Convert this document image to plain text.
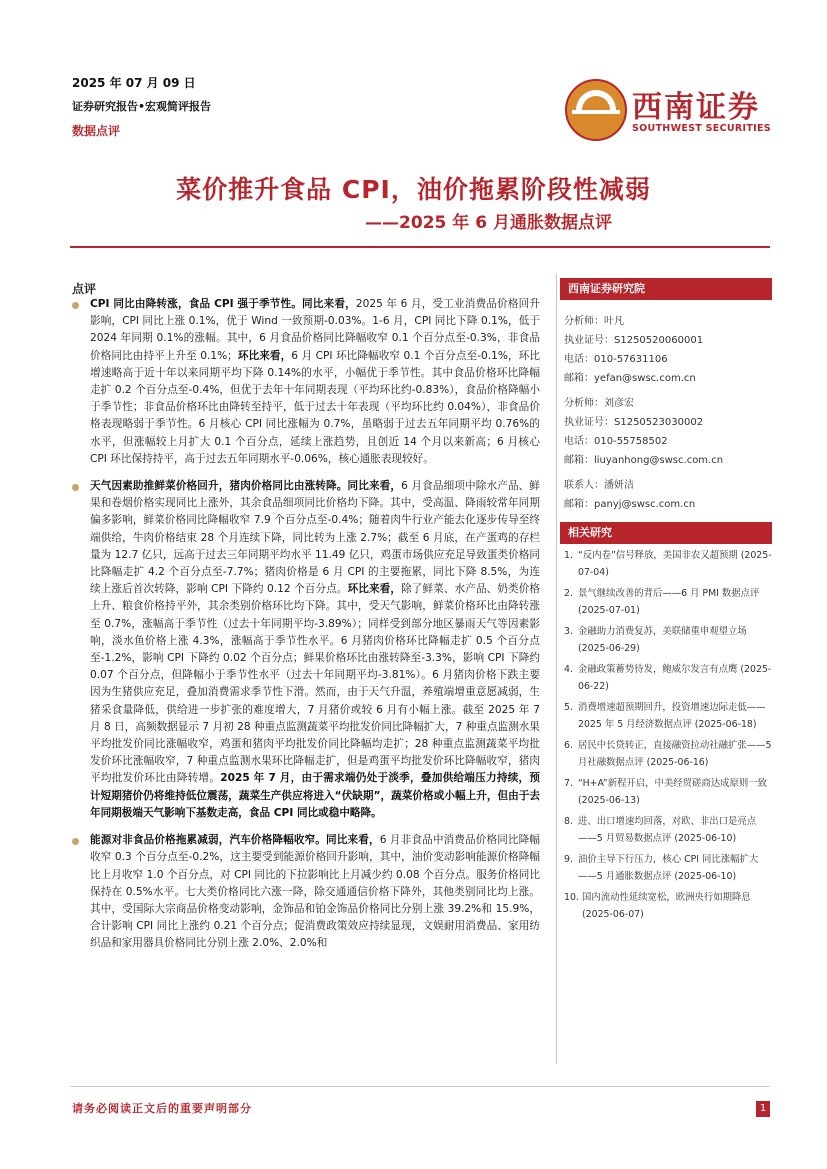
2025 年 07 月 09 日
证券研究报告•宏观简评报告
数据点评
西南证券
SOUTHWEST SECURITIES
菜价推升食品 CPI，油价拖累阶段性减弱
——2025 年 6 月通胀数据点评
点评

CPI 同比由降转涨，食品 CPI 强于季节性。同比来看，2025 年 6 月，受工业消费品价格回升影响，CPI 同比上涨 0.1%，优于 Wind 一致预期-0.03%。1-6 月，CPI 同比下降 0.1%，低于 2024 年同期 0.1%的涨幅。其中，6 月食品价格同比降幅收窄 0.1 个百分点至-0.3%，非食品价格同比由持平上升至 0.1%；环比来看，6 月 CPI 环比降幅收窄 0.1 个百分点至-0.1%，环比增速略高于近十年以来同期平均下降 0.14%的水平，小幅优于季节性。其中食品价格环比降幅走扩 0.2 个百分点至-0.4%，但优于去年十年同期表现（平均环比约-0.83%），食品价格降幅小于季节性；非食品价格环比由降转至持平，低于过去十年表现（平均环比约 0.04%），非食品价格表现略弱于季节性。6 月核心 CPI 同比涨幅为 0.7%，虽略弱于过去五年同期平均 0.76%的水平，但涨幅较上月扩大 0.1 个百分点，延续上涨趋势，且创近 14 个月以来新高；6 月核心 CPI 环比保持持平，高于过去五年同期水平-0.06%，核心通胀表现较好。

天气因素助推鲜菜价格回升，猪肉价格同比由涨转降。同比来看，6 月食品细项中除水产品、鲜果和卷烟价格实现同比上涨外，其余食品细项同比价格均下降。其中，受高温、降雨较常年同期偏多影响，鲜菜价格同比降幅收窄 7.9 个百分点至-0.4%；随着肉牛行业产能去化逐步传导至终端供给，牛肉价格结束 28 个月连续下降，同比转为上涨 2.7%；截至 6 月底，在产蛋鸡的存栏量为 12.7 亿只，远高于过去三年同期平均水平 11.49 亿只，鸡蛋市场供应充足导致蛋类价格同比降幅走扩 4.2 个百分点至-7.7%；猪肉价格是 6 月 CPI 的主要拖累，同比下降 8.5%，为连续上涨后首次转降，影响 CPI 下降约 0.12 个百分点。环比来看，除了鲜菜、水产品、奶类价格上升、粮食价格持平外，其余类别价格环比均下降。其中，受天气影响，鲜菜价格环比由降转涨至 0.7%，涨幅高于季节性（过去十年同期平均-3.89%）；同样受到部分地区暴雨天气等因素影响，淡水鱼价格上涨 4.3%，涨幅高于季节性水平。6 月猪肉价格环比降幅走扩 0.5 个百分点至-1.2%，影响 CPI 下降约 0.02 个百分点；鲜果价格环比由涨转降至-3.3%，影响 CPI 下降约 0.07 个百分点，但降幅小于季节性水平（过去十年同期平均-3.81%）。6 月猪肉价格下跌主要因为生猪供应充足，叠加消费需求季节性下滑。然而，由于天气升温，养殖端增重意愿减弱，生猪采食量降低，供给进一步扩张的难度增大，7 月猪价或较 6 月有小幅上涨。截至 2025 年 7 月 8 日，高频数据显示 7 月初 28 种重点监测蔬菜平均批发价同比降幅扩大，7 种重点监测水果平均批发价同比涨幅收窄，鸡蛋和猪肉平均批发价同比降幅均走扩；28 种重点监测蔬菜平均批发价环比涨幅收窄，7 种重点监测水果环比降幅走扩，但是鸡蛋平均批发价环比降幅收窄，猪肉平均批发价环比由降转增。2025 年 7 月，由于需求端仍处于淡季，叠加供给端压力持续，预计短期猪价仍将维持低位震荡，蔬菜生产供应将进入“伏缺期”，蔬菜价格或小幅上升，但由于去年同期极端天气影响下基数走高，食品 CPI 同比或稳中略降。

能源对非食品价格拖累减弱，汽车价格降幅收窄。同比来看，6 月非食品中消费品价格同比降幅收窄 0.3 个百分点至-0.2%，这主要受到能源价格回升影响，其中，油价变动影响能源价格降幅比上月收窄 1.0 个百分点，对 CPI 同比的下拉影响比上月减少约 0.08 个百分点。服务价格同比保持在 0.5%水平。七大类价格同比六涨一降，除交通通信价格下降外，其他类别同比均上涨。其中，受国际大宗商品价格变动影响，金饰品和铂金饰品价格同比分别上涨 39.2%和 15.9%，合计影响 CPI 同比上涨约 0.21 个百分点；促消费政策效应持续显现，文娱耐用消费品、家用纺织品和家用器具价格同比分别上涨 2.0%、2.0%和

西南证券研究院
分析师：叶凡
执业证号：S1250520060001
电话：010-57631106
邮箱：yefan@swsc.com.cn
分析师：刘彦宏
执业证号：S1250523030002
电话：010-55758502
邮箱：liuyanhong@swsc.com.cn
联系人：潘妍洁
邮箱：panyj@swsc.com.cn
相关研究
1. “反内卷”信号释放，美国非农又超预期 (2025-07-04)
2. 景气继续改善的背后——6 月 PMI 数据点评 (2025-07-01)
3. 金融助力消费复苏，美联储重申观望立场 (2025-06-29)
4. 金融政策蓄势待发，鲍威尔发言有点鹰 (2025-06-22)
5. 消费增速超预期回升，投资增速边际走低——2025 年 5 月经济数据点评 (2025-06-18)
6. 居民中长贷转正，直接融资拉动社融扩张——5 月社融数据点评 (2025-06-16)
7. “H+A”新程开启，中美经贸磋商达成原则一致 (2025-06-13)
8. 进、出口增速均回落，对欧、非出口是亮点——5 月贸易数据点评 (2025-06-10)
9. 油价主导下行压力，核心 CPI 同比涨幅扩大——5 月通胀数据点评 (2025-06-10)
10. 国内流动性延续宽松，欧洲央行如期降息 (2025-06-07)
请务必阅读正文后的重要声明部分	1
